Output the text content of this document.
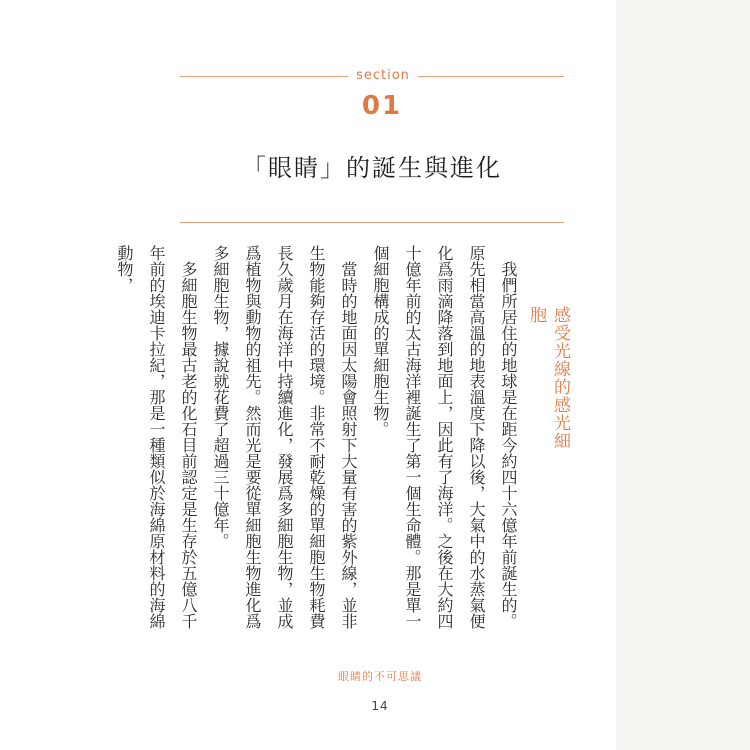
section
01
「眼睛」的誕生與進化
感受光線的感光細胞

我們所居住的地球是在距今約四十六億年前誕生的。原先相當高溫的地表溫度下降以後，大氣中的水蒸氣便化爲雨滴降落到地面上，因此有了海洋。之後在大約四十億年前的太古海洋裡誕生了第一個生命體。那是單一個細胞構成的單細胞生物。

當時的地面因太陽會照射下大量有害的紫外線，並非生物能夠存活的環境。非常不耐乾燥的單細胞生物耗費長久歲月在海洋中持續進化，發展爲多細胞生物，並成爲植物與動物的祖先。然而光是要從單細胞生物進化爲多細胞生物，據說就花費了超過三十億年。

多細胞生物最古老的化石目前認定是生存於五億八千年前的埃迪卡拉紀，那是一種類似於海綿原材料的海綿動物，

眼睛的不可思議
14
